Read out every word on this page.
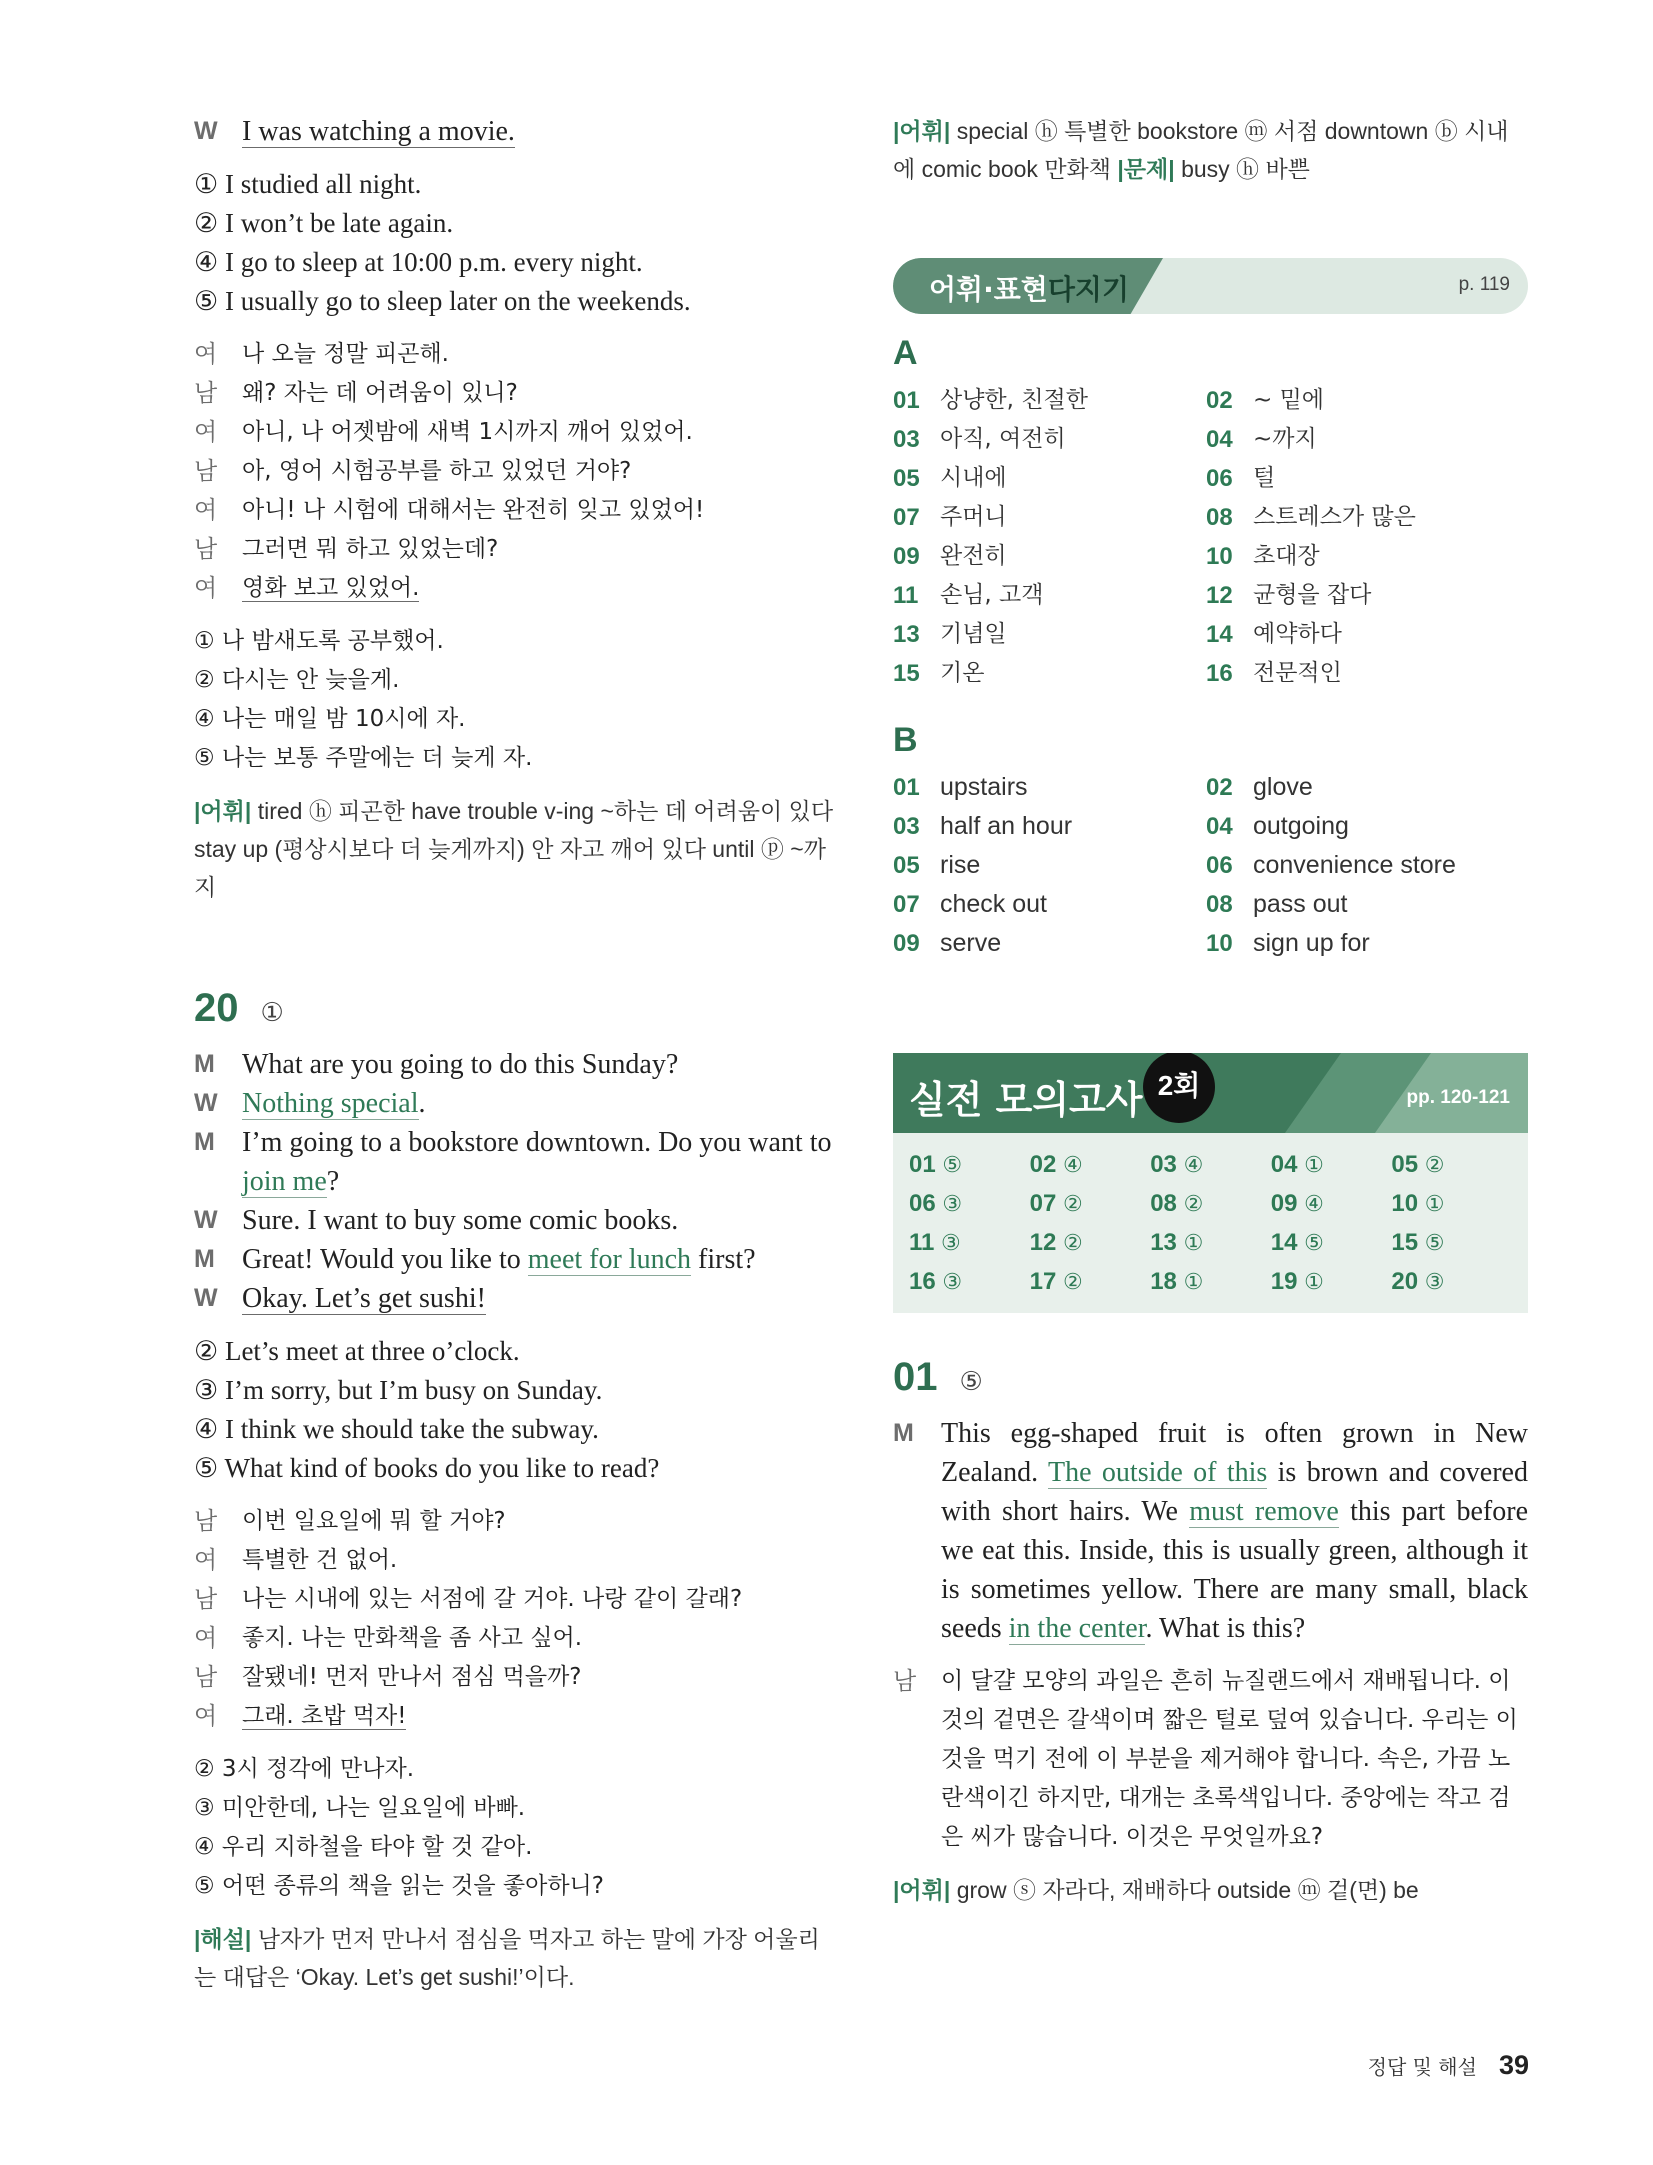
W I was watching a movie.
① I studied all night.
② I won’t be late again.
④ I go to sleep at 10:00 p.m. every night.
⑤ I usually go to sleep later on the weekends.
여	나 오늘 정말 피곤해.
남	왜? 자는 데 어려움이 있니?
여	아니, 나 어젯밤에 새벽 1시까지 깨어 있었어.
남	아, 영어 시험공부를 하고 있었던 거야?
여	아니! 나 시험에 대해서는 완전히 잊고 있었어!
남	그러면 뭐 하고 있었는데?
여	영화 보고 있었어.
① 나 밤새도록 공부했어.
② 다시는 안 늦을게.
④ 나는 매일 밤 10시에 자.
⑤ 나는 보통 주말에는 더 늦게 자.
|어휘| tired ⓗ 피곤한 have trouble v-ing ~하는 데 어려움이 있다 stay up (평상시보다 더 늦게까지) 안 자고 깨어 있다 until ⓟ ~까지
20 ①
M What are you going to do this Sunday?
W Nothing special.
M I’m going to a bookstore downtown. Do you want to
join me?
W Sure. I want to buy some comic books.
M Great! Would you like to meet for lunch first?
W Okay. Let’s get sushi!
② Let’s meet at three o’clock.
③ I’m sorry, but I’m busy on Sunday.
④ I think we should take the subway.
⑤ What kind of books do you like to read?
남	이번 일요일에 뭐 할 거야?
여	특별한 건 없어.
남	나는 시내에 있는 서점에 갈 거야. 나랑 같이 갈래?
여	좋지. 나는 만화책을 좀 사고 싶어.
남	잘됐네! 먼저 만나서 점심 먹을까?
여	그래. 초밥 먹자!
② 3시 정각에 만나자.
③ 미안한데, 나는 일요일에 바빠.
④ 우리 지하철을 타야 할 것 같아.
⑤ 어떤 종류의 책을 읽는 것을 좋아하니?
|해설| 남자가 먼저 만나서 점심을 먹자고 하는 말에 가장 어울리는 대답은 ‘Okay. Let’s get sushi!’이다.
|어휘| special ⓗ 특별한 bookstore ⓜ 서점 downtown ⓑ 시내에 comic book 만화책 |문제| busy ⓗ 바쁜
어휘·표현다지기	p. 119
A
01 상냥한, 친절한	02 ~ 밑에
03 아직, 여전히	04 ~까지
05 시내에	06 털
07 주머니	08 스트레스가 많은
09 완전히	10 초대장
11 손님, 고객	12 균형을 잡다
13 기념일	14 예약하다
15 기온	16 전문적인
B
01 upstairs	02 glove
03 half an hour	04 outgoing
05 rise	06 convenience store
07 check out	08 pass out
09 serve	10 sign up for
실전 모의고사 2회	pp. 120-121
01 ⑤	02 ④	03 ④	04 ①	05 ②
06 ③	07 ②	08 ②	09 ④	10 ①
11 ③	12 ②	13 ①	14 ⑤	15 ⑤
16 ③	17 ②	18 ①	19 ①	20 ③
01 ⑤
M This egg-shaped fruit is often grown in New Zealand. The outside of this is brown and covered with short hairs. We must remove this part before we eat this. Inside, this is usually green, although it is sometimes yellow. There are many small, black seeds in the center. What is this?
남	이 달걀 모양의 과일은 흔히 뉴질랜드에서 재배됩니다. 이것의 겉면은 갈색이며 짧은 털로 덮여 있습니다. 우리는 이것을 먹기 전에 이 부분을 제거해야 합니다. 속은, 가끔 노란색이긴 하지만, 대개는 초록색입니다. 중앙에는 작고 검은 씨가 많습니다. 이것은 무엇일까요?
|어휘| grow ⓢ 자라다, 재배하다 outside ⓜ 겉(면) be
정답 및 해설 39
